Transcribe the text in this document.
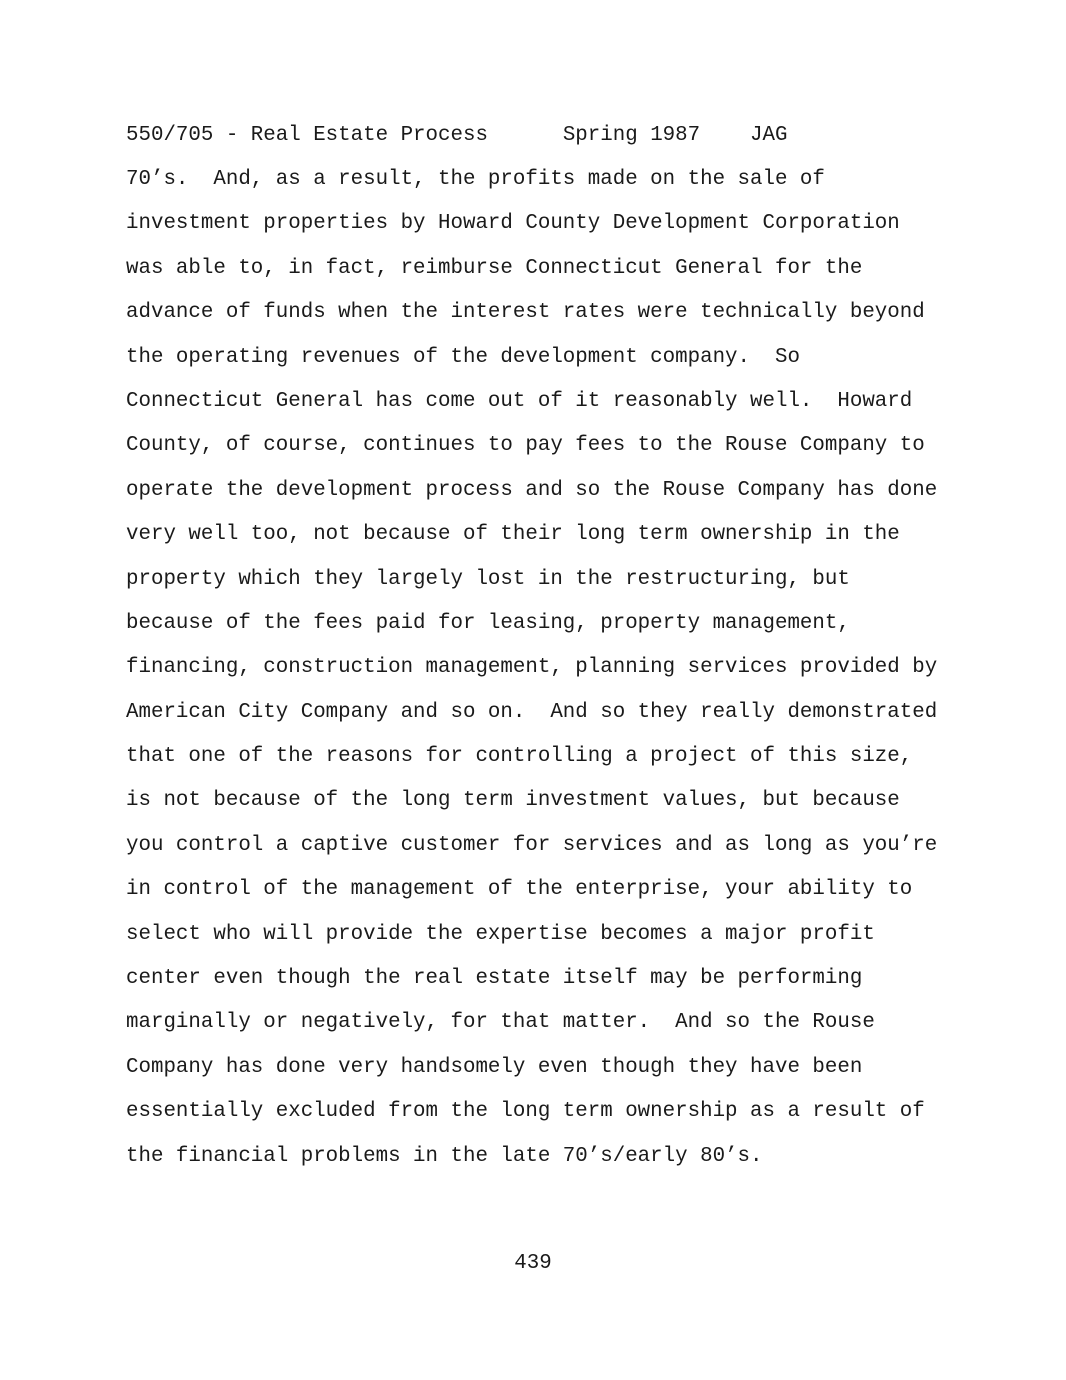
550/705 - Real Estate Process	Spring 1987 JAG
70’s.  And, as a result, the profits made on the sale of
investment properties by Howard County Development Corporation
was able to, in fact, reimburse Connecticut General for the
advance of funds when the interest rates were technically beyond
the operating revenues of the development company.  So
Connecticut General has come out of it reasonably well.  Howard
County, of course, continues to pay fees to the Rouse Company to
operate the development process and so the Rouse Company has done
very well too, not because of their long term ownership in the
property which they largely lost in the restructuring, but
because of the fees paid for leasing, property management,
financing, construction management, planning services provided by
American City Company and so on.  And so they really demonstrated
that one of the reasons for controlling a project of this size,
is not because of the long term investment values, but because
you control a captive customer for services and as long as you’re
in control of the management of the enterprise, your ability to
select who will provide the expertise becomes a major profit
center even though the real estate itself may be performing
marginally or negatively, for that matter.  And so the Rouse
Company has done very handsomely even though they have been
essentially excluded from the long term ownership as a result of
the financial problems in the late 70’s/early 80’s.
439
